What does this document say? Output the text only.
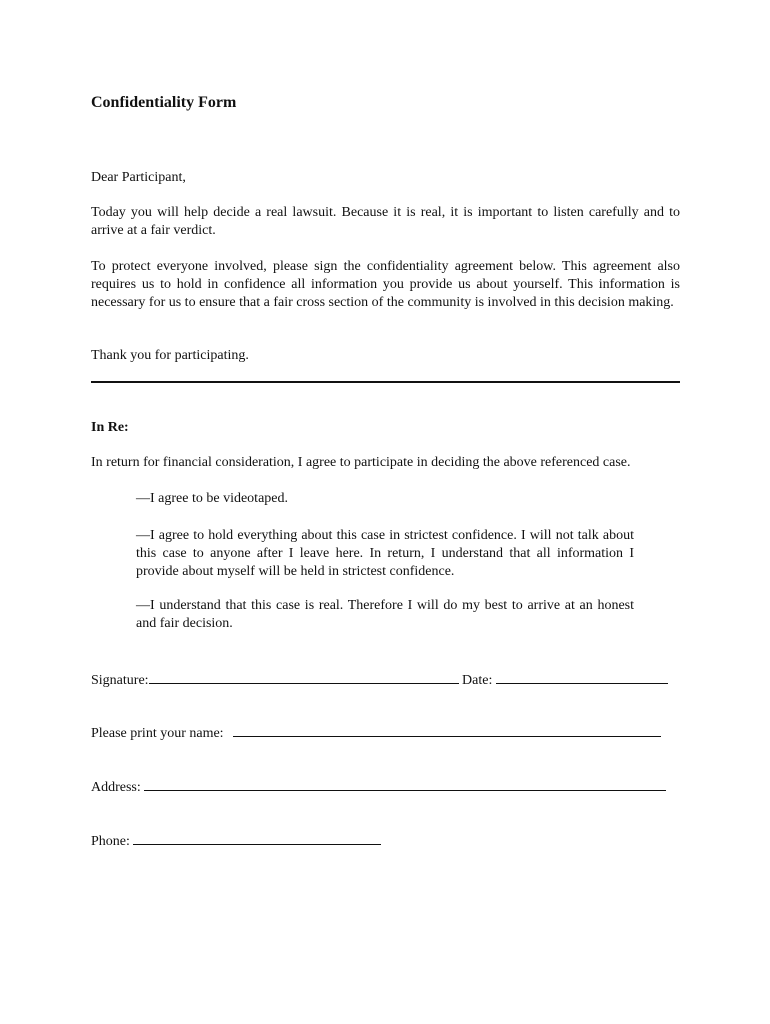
Confidentiality Form
Dear Participant,
Today you will help decide a real lawsuit. Because it is real, it is important to listen carefully and to arrive at a fair verdict.
To protect everyone involved, please sign the confidentiality agreement below. This agreement also requires us to hold in confidence all information you provide us about yourself. This information is necessary for us to ensure that a fair cross section of the community is involved in this decision making.
Thank you for participating.
In Re:
In return for financial consideration, I agree to participate in deciding the above referenced case.
—I agree to be videotaped.
—I agree to hold everything about this case in strictest confidence. I will not talk about this case to anyone after I leave here. In return, I understand that all information I provide about myself will be held in strictest confidence.
—I understand that this case is real. Therefore I will do my best to arrive at an honest and fair decision.
Signature:	Date:
Please print your name:
Address:
Phone:
